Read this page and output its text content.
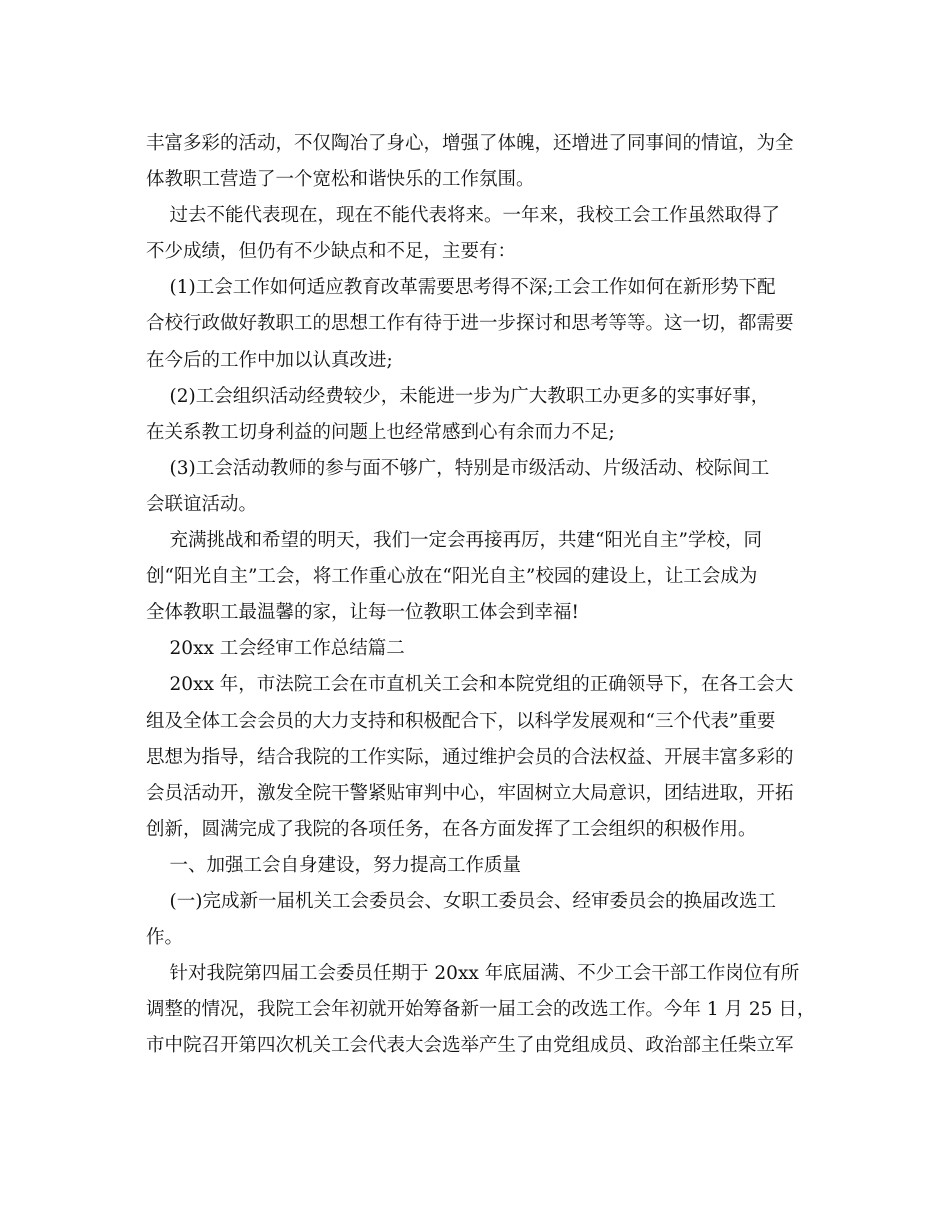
丰富多彩的活动，不仅陶冶了身心，增强了体魄，还增进了同事间的情谊，为全

体教职工营造了一个宽松和谐快乐的工作氛围。

过去不能代表现在，现在不能代表将来。一年来，我校工会工作虽然取得了

不少成绩，但仍有不少缺点和不足，主要有：

(1)工会工作如何适应教育改革需要思考得不深;工会工作如何在新形势下配

合校行政做好教职工的思想工作有待于进一步探讨和思考等等。这一切，都需要

在今后的工作中加以认真改进;

(2)工会组织活动经费较少，未能进一步为广大教职工办更多的实事好事，

在关系教工切身利益的问题上也经常感到心有余而力不足;

(3)工会活动教师的参与面不够广，特别是市级活动、片级活动、校际间工

会联谊活动。

充满挑战和希望的明天，我们一定会再接再厉，共建“阳光自主”学校，同

创“阳光自主”工会，将工作重心放在“阳光自主”校园的建设上，让工会成为

全体教职工最温馨的家，让每一位教职工体会到幸福!

20xx 工会经审工作总结篇二

20xx 年，市法院工会在市直机关工会和本院党组的正确领导下，在各工会大

组及全体工会会员的大力支持和积极配合下，以科学发展观和“三个代表”重要

思想为指导，结合我院的工作实际，通过维护会员的合法权益、开展丰富多彩的

会员活动开，激发全院干警紧贴审判中心，牢固树立大局意识，团结进取，开拓

创新，圆满完成了我院的各项任务，在各方面发挥了工会组织的积极作用。

一、加强工会自身建设，努力提高工作质量

(一)完成新一届机关工会委员会、女职工委员会、经审委员会的换届改选工

作。

针对我院第四届工会委员任期于 20xx 年底届满、不少工会干部工作岗位有所

调整的情况，我院工会年初就开始筹备新一届工会的改选工作。今年 1 月 25 日，

市中院召开第四次机关工会代表大会选举产生了由党组成员、政治部主任柴立军
